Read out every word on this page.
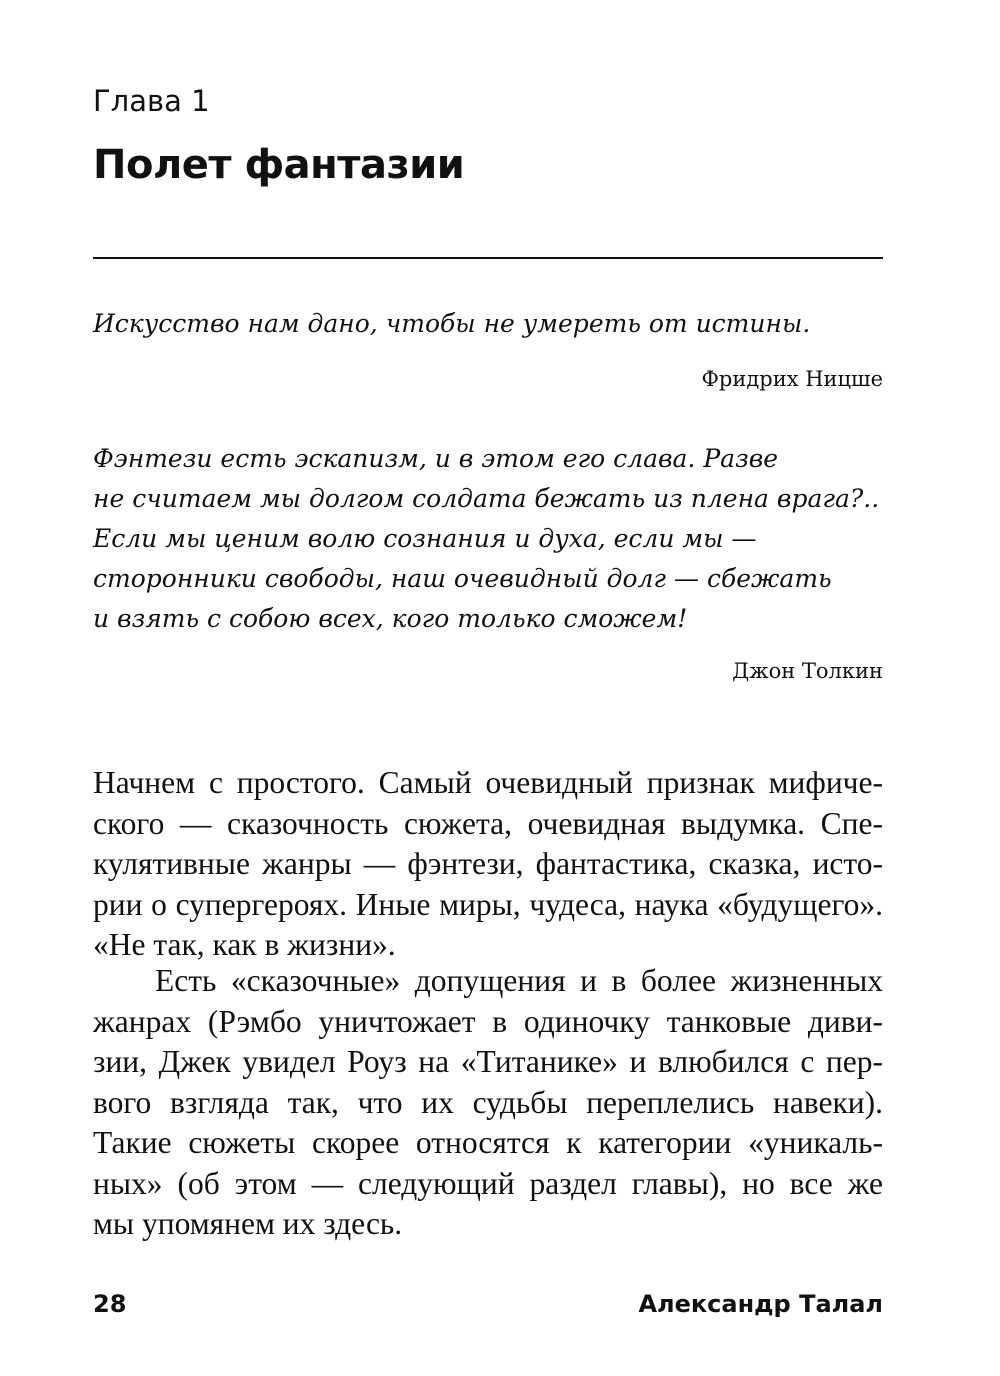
Глава 1
Полет фантазии
Искусство нам дано, чтобы не умереть от истины.
Фридрих Ницше
Фэнтези есть эскапизм, и в этом его слава. Разве
не считаем мы долгом солдата бежать из плена врага?..
Если мы ценим волю сознания и духа, если мы —
сторонники свободы, наш очевидный долг — сбежать
и взять с собою всех, кого только сможем!
Джон Толкин
Начнем с простого. Самый очевидный признак мифиче-
ского — сказочность сюжета, очевидная выдумка. Спе-
кулятивные жанры — фэнтези, фантастика, сказка, исто-
рии о супергероях. Иные миры, чудеса, наука «будущего».
«Не так, как в жизни».
Есть «сказочные» допущения и в более жизненных
жанрах (Рэмбо уничтожает в одиночку танковые диви-
зии, Джек увидел Роуз на «Титанике» и влюбился с пер-
вого взгляда так, что их судьбы переплелись навеки).
Такие сюжеты скорее относятся к категории «уникаль-
ных» (об этом — следующий раздел главы), но все же
мы упомянем их здесь.
28	Александр Талал
